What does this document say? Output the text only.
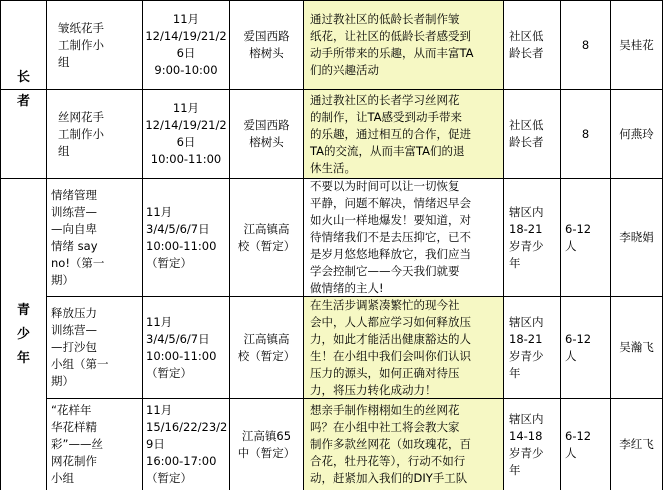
长
者
青
少
年
皱纸花手
工制作小
组
11月
12/14/19/21/2
6日
9:00-10:00
爱国西路
榕树头
通过教社区的低龄长者制作皱
纸花，让社区的低龄长者感受到
动手所带来的乐趣，从而丰富TA
们的兴趣活动
社区低
龄长者
8	吴桂花
丝网花手
工制作小
组
11月
12/14/19/21/2
6日
10:00-11:00
爱国西路
榕树头
通过教社区的长者学习丝网花
的制作，让TA感受到动手带来
的乐趣，通过相互的合作，促进
TA的交流，从而丰富TA们的退
休生活。
社区低
龄长者
8	何燕玲
情绪管理
训练营—
—向自卑
情绪 say
no!（第一
期）
11月
3/4/5/6/7日
10:00-11:00
（暂定）
江高镇高
校（暂定）
不要以为时间可以让一切恢复
平静，问题不解决，情绪迟早会
如火山一样地爆发！要知道，对
待情绪我们不是去压抑它，已不
是岁月悠悠地释放它，我们应当
学会控制它——今天我们就要
做情绪的主人!
辖区内
18-21
岁青少
年
6-12
人
李晓娟
释放压力
训练营—
—打沙包
小组（第一
期）
11月
3/4/5/6/7日
10:00-11:00
（暂定）
江高镇高
校（暂定）
在生活步调紧凑繁忙的现今社
会中，人人都应学习如何释放压
力，如此才能活出健康豁达的人
生！在小组中我们会叫你们认识
压力的源头，如何正确对待压
力，将压力转化成动力！
辖区内
18-21
岁青少
年
6-12
人
吴瀚飞
“花样年
华花样精
彩”——丝
网花制作
小组
11月
15/16/22/23/2
9日
16:00-17:00
（暂定）
江高镇65
中（暂定）
想亲手制作栩栩如生的丝网花
吗？在小组中社工将会教大家
制作多款丝网花（如玫瑰花，百
合花，牡丹花等），行动不如行
动，赶紧加入我们的DIY手工队
辖区内
14-18
岁青少
年
6-12
人
李红飞
